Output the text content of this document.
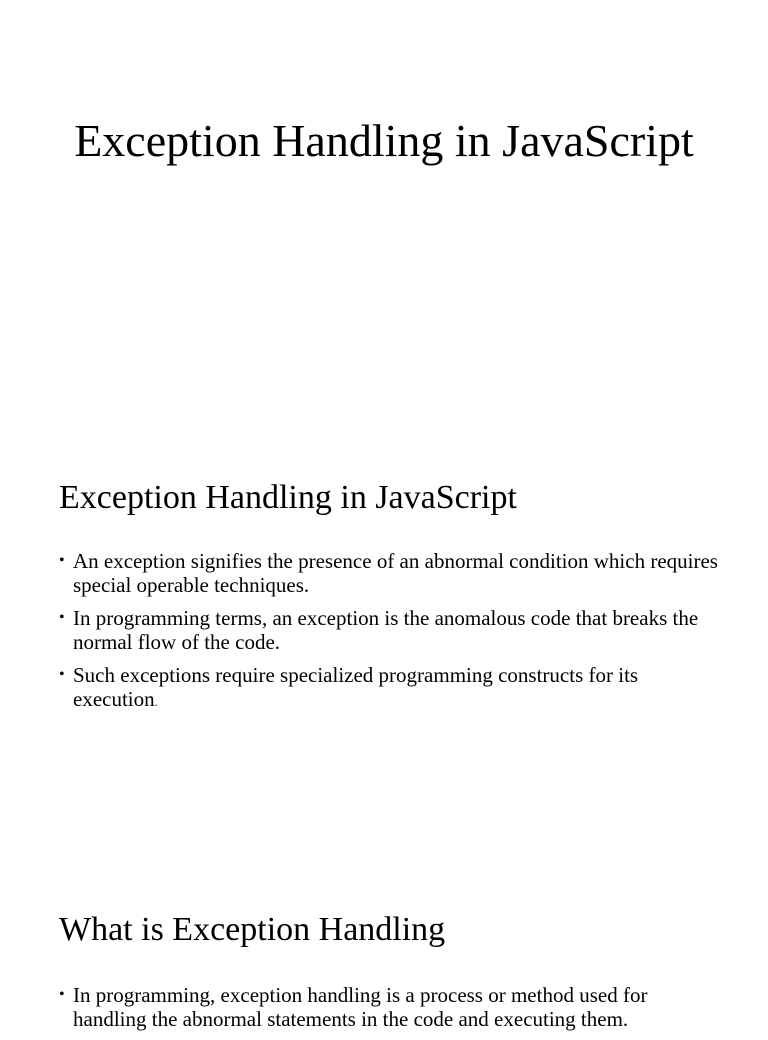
Exception Handling in JavaScript
Exception Handling in JavaScript
• An exception signifies the presence of an abnormal condition which requires special operable techniques.
• In programming terms, an exception is the anomalous code that breaks the normal flow of the code.
• Such exceptions require specialized programming constructs for its execution.
What is Exception Handling
• In programming, exception handling is a process or method used for handling the abnormal statements in the code and executing them.
